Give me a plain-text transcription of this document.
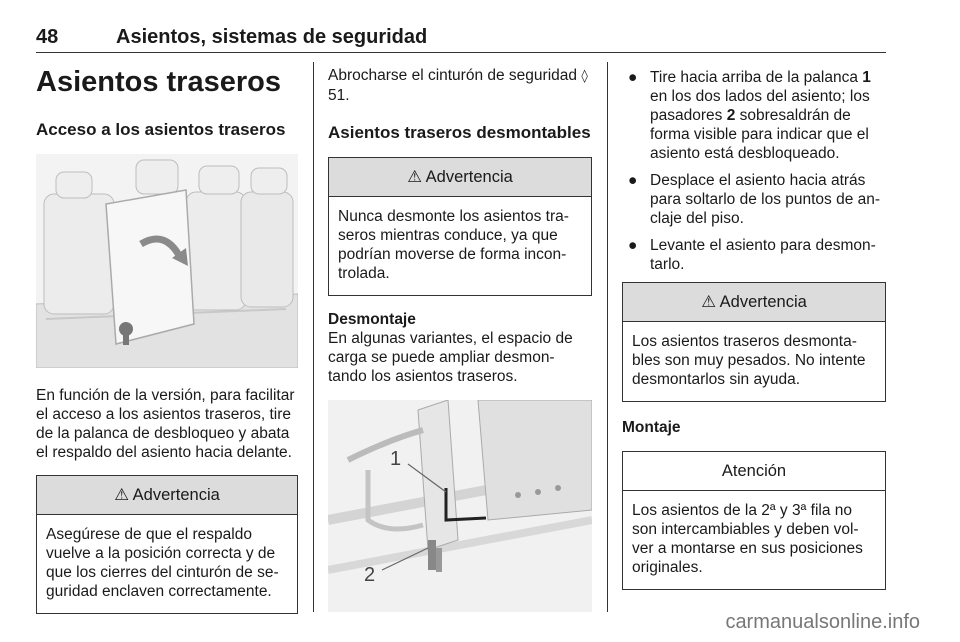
48	Asientos, sistemas de seguridad
Asientos traseros
Acceso a los asientos traseros

En función de la versión, para facilitar el acceso a los asientos traseros, tire de la palanca de desbloqueo y abata el respaldo del asiento hacia delante.

⚠ Advertencia
Asegúrese de que el respaldo vuelve a la posición correcta y de que los cierres del cinturón de se-guridad enclaven correctamente.

Abrocharse el cinturón de seguridad ◊ 51.

Asientos traseros desmontables
⚠ Advertencia
Nunca desmonte los asientos tra-seros mientras conduce, ya que podrían moverse de forma incon-trolada.

Desmontaje

En algunas variantes, el espacio de carga se puede ampliar desmon-tando los asientos traseros.

1
2
● Tire hacia arriba de la palanca 1 en los dos lados del asiento; los pasadores 2 sobresaldrán de forma visible para indicar que el asiento está desbloqueado.
● Desplace el asiento hacia atrás para soltarlo de los puntos de an-claje del piso.
● Levante el asiento para desmon-tarlo.
⚠ Advertencia
Los asientos traseros desmonta-bles son muy pesados. No intente desmontarlos sin ayuda.

Montaje

Atención
Los asientos de la 2ª y 3ª fila no son intercambiables y deben vol-ver a montarse en sus posiciones originales.
carmanualsonline.info
